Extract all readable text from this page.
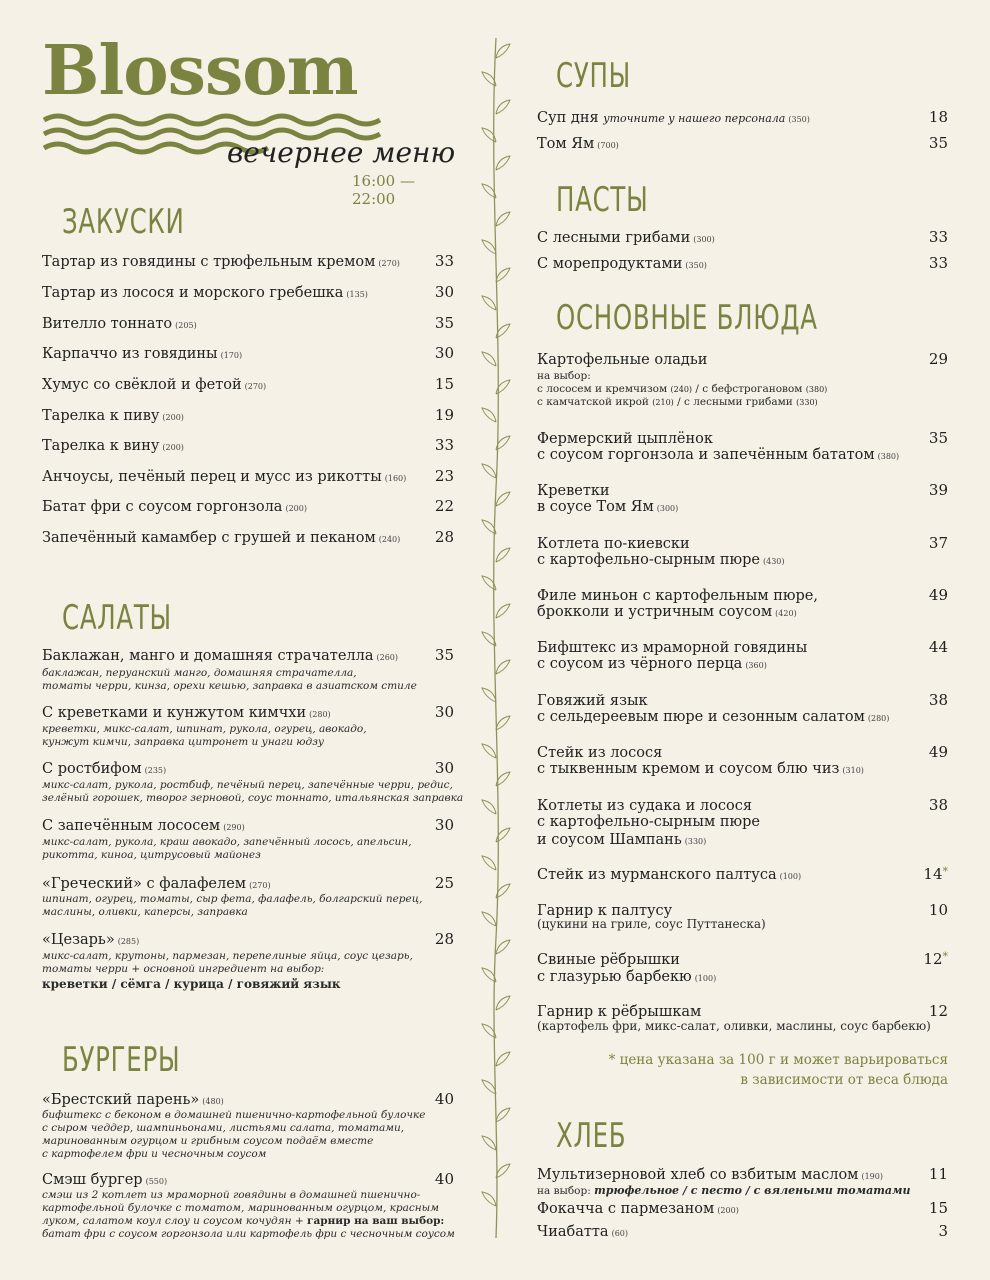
Blossom
вечернее меню
16:00 — 22:00
ЗАКУСКИ
Тартар из говядины с трюфельным кремом (270) 33
Тартар из лосося и морского гребешка (135)	30
Вителло тоннато (205)	35
Карпаччо из говядины (170)	30
Хумус со свёклой и фетой (270)	15
Тарелка к пиву (200)	19
Тарелка к вину (200)	33
Анчоусы, печёный перец и мусс из рикотты (160) 23
Батат фри с соусом горгонзола (200)	22
Запечённый камамбер с грушей и пеканом (240) 28
САЛАТЫ
Баклажан, манго и домашняя страчателла (260) 35
баклажан, перуанский манго, домашняя страчателла,
томаты черри, кинза, орехи кешью, заправка в азиатском стиле
С креветками и кунжутом кимчхи (280)	30
креветки, микс-салат, шпинат, рукола, огурец, авокадо,
кунжут кимчи, заправка цитронет и унаги юдзу
С ростбифом (235)	30
микс-салат, рукола, ростбиф, печёный перец, запечённые черри, редис,
зелёный горошек, творог зерновой, соус тоннато, итальянская заправка
С запечённым лососем (290)	30
микс-салат, рукола, краш авокадо, запечённый лосось, апельсин,
рикотта, киноа, цитрусовый майонез
«Греческий» с фалафелем (270)	25
шпинат, огурец, томаты, сыр фета, фалафель, болгарский перец,
маслины, оливки, каперсы, заправка
«Цезарь» (285)	28
микс-салат, крутоны, пармезан, перепелиные яйца, соус цезарь,
томаты черри + основной ингредиент на выбор:
креветки / сёмга / курица / говяжий язык
БУРГЕРЫ
«Брестский парень» (480)	40
бифштекс с беконом в домашней пшенично-картофельной булочке
с сыром чеддер, шампиньонами, листьями салата, томатами,
маринованным огурцом и грибным соусом подаём вместе
с картофелем фри и чесночным соусом
Смэш бургер (550)	40
смэш из 2 котлет из мраморной говядины в домашней пшенично-
картофельной булочке с томатом, маринованным огурцом, красным
луком, салатом коул слоу и соусом кочудян + гарнир на ваш выбор:
батат фри с соусом горгонзола или картофель фри с чесночным соусом
СУПЫ
Суп дня уточните у нашего персонала (350)	18
Том Ям (700)	35
ПАСТЫ
С лесными грибами (300)	33
С морепродуктами (350)	33
ОСНОВНЫЕ БЛЮДА
Картофельные оладьи	29
на выбор:
с лососем и кремчизом (240) / с бефстрогановом (380)
с камчатской икрой (210) / с лесными грибами (330)
Фермерский цыплёнок	35
с соусом горгонзола и запечённым бататом (380)
Креветки	39
в соусе Том Ям (300)
Котлета по-киевски	37
с картофельно-сырным пюре (430)
Филе миньон с картофельным пюре,	49
брокколи и устричным соусом (420)
Бифштекс из мраморной говядины	44
с соусом из чёрного перца (360)
Говяжий язык	38
с сельдереевым пюре и сезонным салатом (280)
Стейк из лосося	49
с тыквенным кремом и соусом блю чиз (310)
Котлеты из судака и лосося	38
с картофельно-сырным пюре
и соусом Шампань (330)
Стейк из мурманского палтуса (100)	14*
Гарнир к палтусу	10
(цукини на гриле, соус Путтанеска)
Свиные рёбрышки	12*
с глазурью барбекю (100)
Гарнир к рёбрышкам	12
(картофель фри, микс-салат, оливки, маслины, соус барбекю)
* цена указана за 100 г и может варьироваться
в зависимости от веса блюда
ХЛЕБ
Мультизерновой хлеб со взбитым маслом (190)	11
на выбор: трюфельное / с песто / с вялеными томатами
Фокачча с пармезаном (200)	15
Чиабатта (60)	3
